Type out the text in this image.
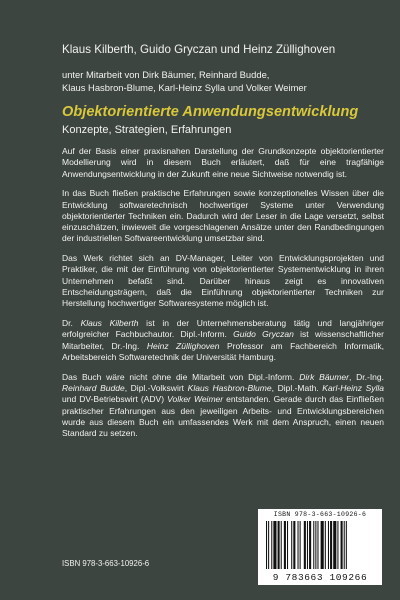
Klaus Kilberth, Guido Gryczan und Heinz Züllighoven
unter Mitarbeit von Dirk Bäumer, Reinhard Budde,
Klaus Hasbron-Blume, Karl-Heinz Sylla und Volker Weimer
Objektorientierte Anwendungsentwicklung
Konzepte, Strategien, Erfahrungen

Auf der Basis einer praxisnahen Darstellung der Grundkonzepte objektorientierter Modellierung wird in diesem Buch erläutert, daß für eine tragfähige Anwendungsentwicklung in der Zukunft eine neue Sichtweise notwendig ist.

In das Buch fließen praktische Erfahrungen sowie konzeptionelles Wissen über die Entwicklung softwaretechnisch hochwertiger Systeme unter Verwendung objektorientierter Techniken ein. Dadurch wird der Leser in die Lage versetzt, selbst einzuschätzen, inwieweit die vorgeschlagenen Ansätze unter den Randbedingungen der industriellen Softwareentwicklung umsetzbar sind.

Das Werk richtet sich an DV-Manager, Leiter von Entwicklungsprojekten und Praktiker, die mit der Einführung von objektorientierter Systementwicklung in ihren Unternehmen befaßt sind. Darüber hinaus zeigt es innovativen Entscheidungsträgern, daß die Einführung objektorientierter Techniken zur Herstellung hochwertiger Softwaresysteme möglich ist.

Dr. Klaus Kilberth ist in der Unternehmensberatung tätig und langjähriger erfolgreicher Fachbuchautor. Dipl.-Inform. Guido Gryczan ist wissenschaftlicher Mitarbeiter, Dr.-Ing. Heinz Züllighoven Professor am Fachbereich Informatik, Arbeitsbereich Softwaretechnik der Universität Hamburg.

Das Buch wäre nicht ohne die Mitarbeit von Dipl.-Inform. Dirk Bäumer, Dr.-Ing. Reinhard Budde, Dipl.-Volkswirt Klaus Hasbron-Blume, Dipl.-Math. Karl-Heinz Sylla und DV-Betriebswirt (ADV) Volker Weimer entstanden. Gerade durch das Einfließen praktischer Erfahrungen aus den jeweiligen Arbeits- und Entwicklungsbereichen wurde aus diesem Buch ein umfassendes Werk mit dem Anspruch, einen neuen Standard zu setzen.

ISBN 978-3-663-10926-6
ISBN 978-3-663-10926-6
9 783663 109266
